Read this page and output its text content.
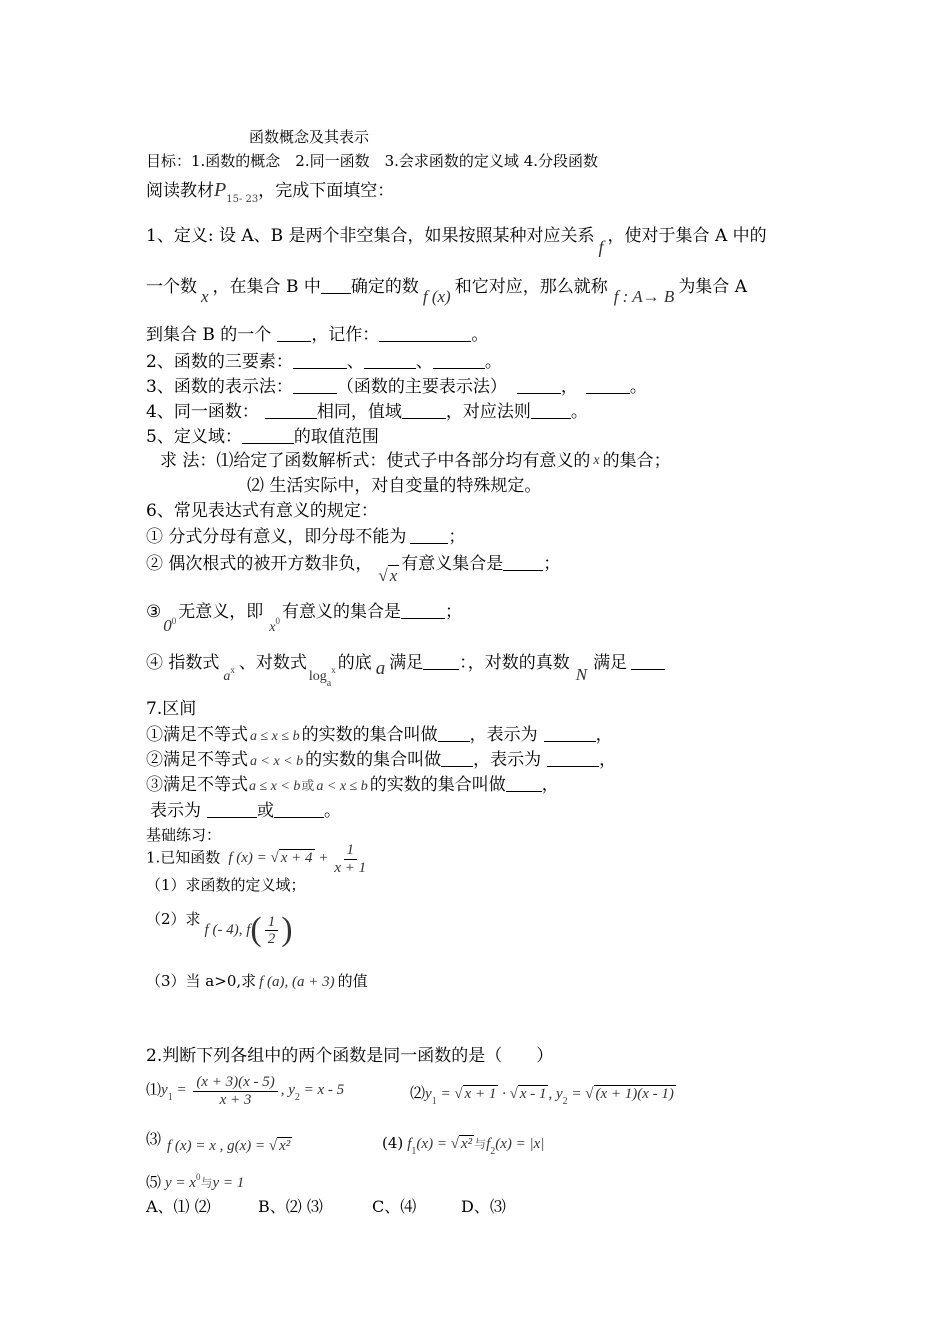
函数概念及其表示
目标：1.函数的概念　2.同一函数　3.会求函数的定义域 4.分段函数
阅读教材$P_{15- 23}$，完成下面填空：
1、定义: 设 A、B 是两个非空集合，如果按照某种对应关系f，使对于集合 A 中的
一个数 x ，在集合 B 中 确定的数 f (x) 和它对应，那么就称 f : A→ B 为集合 A
到集合 B 的一个 ，记作：	。
2、函数的三要素：	、	、	。
3、函数的表示法：	（函数的主要表示法）	，	。
4、同一函数：	相同，值域	，对应法则 。
5、定义域：	的取值范围
求 法：⑴给定了函数解析式：使式子中各部分均有意义的 x 的集合；
⑵ 生活实际中，对自变量的特殊规定。
6、常见表达式有意义的规定：
① 分式分母有意义，即分母不能为 ；
② 偶次根式的被开方数非负，√ x有意义集合是 ；
$③0^0$ 无意义，即$_{x^0}$ 有意义的集合是	；
④ 指数式$_{a^x}$ 、对数式$_{log_a^x}$ 的底 a 满足 ：，对数的真数N满足
7.区间
①满足不等式 a ≤ x ≤ b 的实数的集合叫做 ，表示为	，
②满足不等式 a < x < b 的实数的集合叫做 ，表示为	，
③满足不等式a ≤ x < b或 a < x ≤ b 的实数的集合叫做 ，
表示为	或	。
基础练习：
1.已知函数 f (x) = √ $x + 4 + \frac{1}{x + 1}$
（1）求函数的定义域；
（2）求f (- 4), $f( \frac{1}{2}$ )
（3）当 a>0,求 f (a), (a + 3) 的值
2.判断下列各组中的两个函数是同一函数的是（　　）
$⑴y_1 = \frac{(x + 3)(x - 5)}{x + 3}$ , $y_2 = x - 5$	$⑵y_1$ = √ x + 1 · √ x - 1 , $y_2$ = √ (x + 1)(x - 1)
⑶ f (x) = x , g(x) = √ x²	(4) $f_1(x)$ = √ x² 与$f_2(x) = |x|$
⑸ $y = x^0$与y = 1
A、⑴ ⑵	B、⑵ ⑶	C、⑷	D、⑶
